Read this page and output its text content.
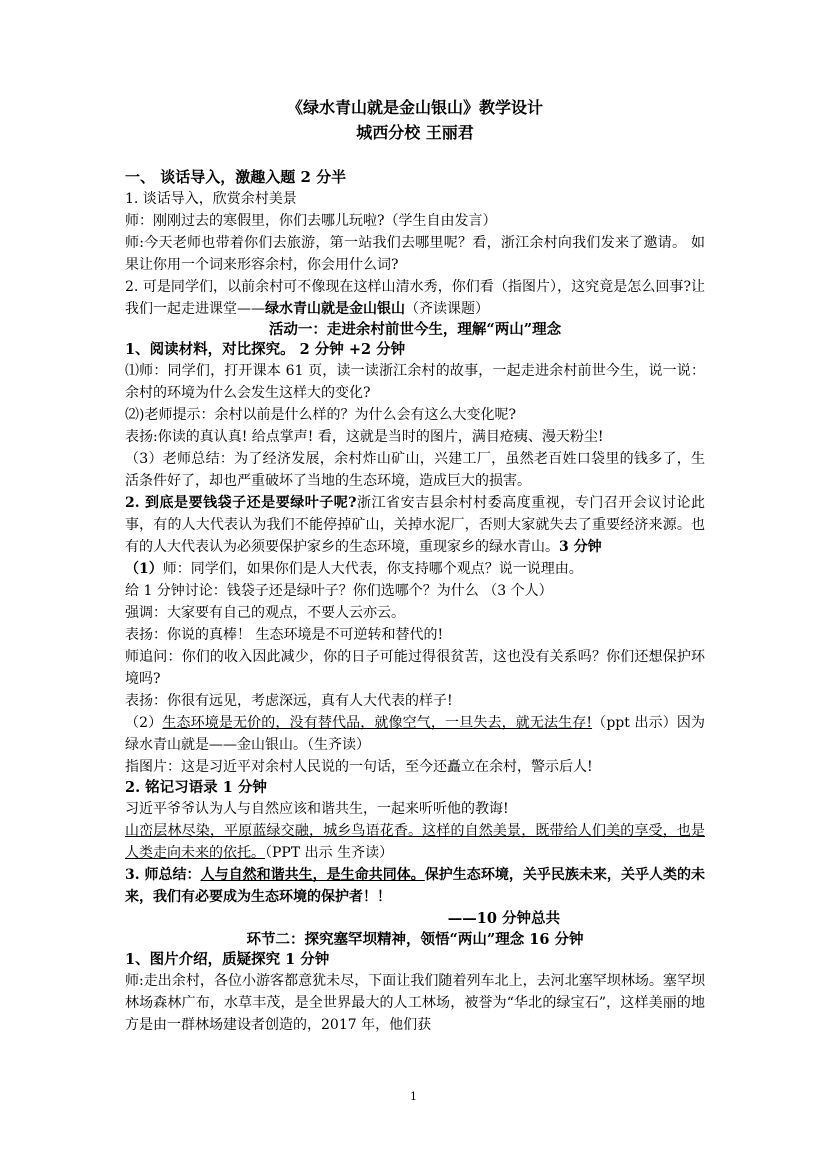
《绿水青山就是金山银山》教学设计
城西分校 王丽君
一、 谈话导入，激趣入题 2 分半
1. 谈话导入，欣赏余村美景
师：刚刚过去的寒假里，你们去哪儿玩啦?（学生自由发言）
师:今天老师也带着你们去旅游，第一站我们去哪里呢？看，浙江余村向我们发来了邀请。 如果让你用一个词来形容余村，你会用什么词?
2. 可是同学们，以前余村可不像现在这样山清水秀，你们看（指图片），这究竟是怎么回事?让我们一起走进课堂——绿水青山就是金山银山（齐读课题）
活动一：走进余村前世今生，理解“两山”理念
1、阅读材料，对比探究。 2 分钟 +2 分钟
⑴师：同学们，打开课本 61 页，读一读浙江余村的故事，一起走进余村前世今生，说一说：余村的环境为什么会发生这样大的变化?
⑵)老师提示：余村以前是什么样的？为什么会有这么大变化呢?
表扬:你读的真认真! 给点掌声! 看，这就是当时的图片，满目疮痍、漫天粉尘!
（3）老师总结：为了经济发展，余村炸山矿山，兴建工厂，虽然老百姓口袋里的钱多了，生活条件好了，却也严重破坏了当地的生态环境，造成巨大的损害。
2. 到底是要钱袋子还是要绿叶子呢?浙江省安吉县余村村委高度重视，专门召开会议讨论此事，有的人大代表认为我们不能停掉矿山，关掉水泥厂，否则大家就失去了重要经济来源。也有的人大代表认为必须要保护家乡的生态环境，重现家乡的绿水青山。3 分钟
（1）师：同学们，如果你们是人大代表，你支持哪个观点？说一说理由。
给 1 分钟讨论：钱袋子还是绿叶子？你们选哪个？为什么 （3 个人）
强调：大家要有自己的观点，不要人云亦云。
表扬：你说的真棒！ 生态环境是不可逆转和替代的!
师追问：你们的收入因此减少，你的日子可能过得很贫苦，这也没有关系吗？你们还想保护环境吗?
表扬：你很有远见，考虑深远，真有人大代表的样子!
（2）生态环境是无价的，没有替代品，就像空气，一旦失去，就无法生存!（ppt 出示）因为绿水青山就是——金山银山。（生齐读）
指图片：这是习近平对余村人民说的一句话，至今还矗立在余村，警示后人!
2. 铭记习语录 1 分钟
习近平爷爷认为人与自然应该和谐共生，一起来听听他的教诲!
山峦层林尽染，平原蓝绿交融，城乡鸟语花香。这样的自然美景，既带给人们美的享受，也是人类走向未来的依托。（PPT 出示 生齐读）
3. 师总结：人与自然和谐共生，是生命共同体。保护生态环境，关乎民族未来，关乎人类的未来，我们有必要成为生态环境的保护者！！
——10 分钟总共
环节二：探究塞罕坝精神，领悟“两山”理念 16 分钟
1、图片介绍，质疑探究 1 分钟
师:走出余村，各位小游客都意犹未尽，下面让我们随着列车北上，去河北塞罕坝林场。塞罕坝林场森林广布，水草丰茂，是全世界最大的人工林场，被誉为“华北的绿宝石”，这样美丽的地方是由一群林场建设者创造的，2017 年，他们获
1
